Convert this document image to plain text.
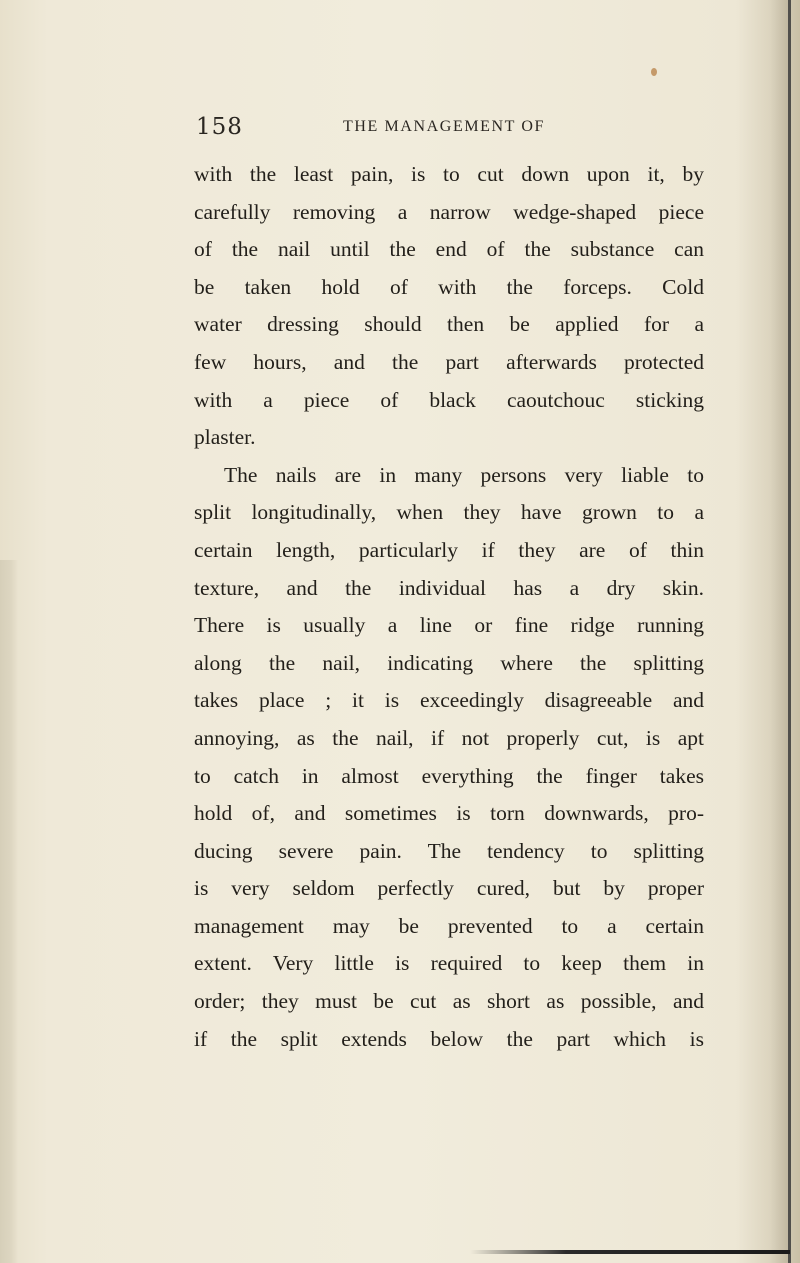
158	THE MANAGEMENT OF
with the least pain, is to cut down upon it, by
carefully removing a narrow wedge-shaped piece
of the nail until the end of the substance can
be taken hold of with the forceps. Cold
water dressing should then be applied for a
few hours, and the part afterwards protected
with a piece of black caoutchouc sticking
plaster.
The nails are in many persons very liable to
split longitudinally, when they have grown to a
certain length, particularly if they are of thin
texture, and the individual has a dry skin.
There is usually a line or fine ridge running
along the nail, indicating where the splitting
takes place ; it is exceedingly disagreeable and
annoying, as the nail, if not properly cut, is apt
to catch in almost everything the finger takes
hold of, and sometimes is torn downwards, pro-
ducing severe pain. The tendency to splitting
is very seldom perfectly cured, but by proper
management may be prevented to a certain
extent. Very little is required to keep them in
order; they must be cut as short as possible, and
if the split extends below the part which is
